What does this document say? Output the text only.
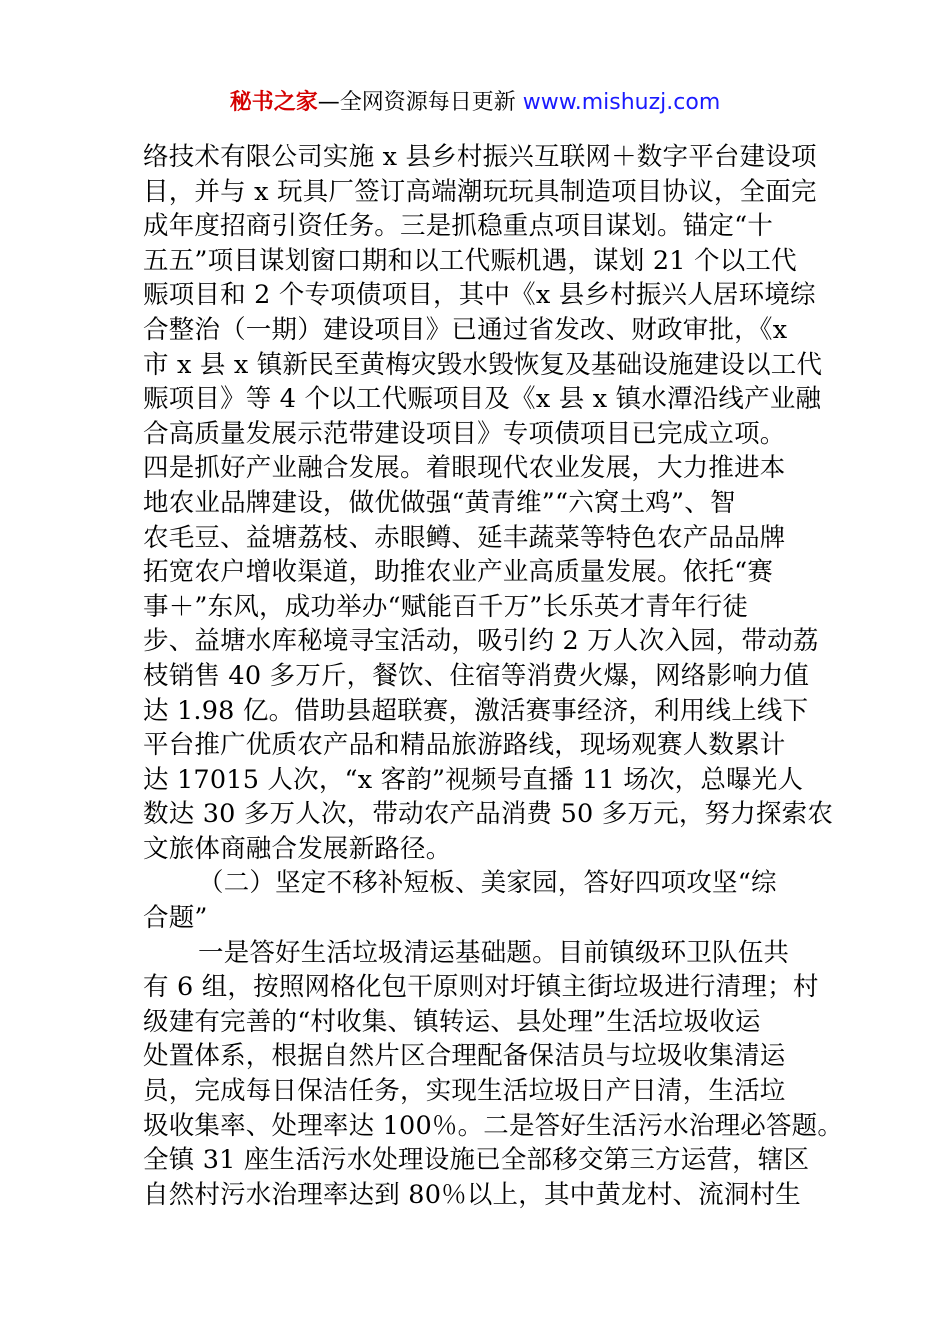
秘书之家—全网资源每日更新 www.mishuzj.com
络技术有限公司实施 x 县乡村振兴互联网＋数字平台建设项
目，并与 x 玩具厂签订高端潮玩玩具制造项目协议，全面完
成年度招商引资任务。三是抓稳重点项目谋划。锚定“十
五五”项目谋划窗口期和以工代赈机遇，谋划 21 个以工代
赈项目和 2 个专项债项目，其中《x 县乡村振兴人居环境综
合整治（一期）建设项目》已通过省发改、财政审批，《x
市 x 县 x 镇新民至黄梅灾毁水毁恢复及基础设施建设以工代
赈项目》等 4 个以工代赈项目及《x 县 x 镇水潭沿线产业融
合高质量发展示范带建设项目》专项债项目已完成立项。
四是抓好产业融合发展。着眼现代农业发展，大力推进本
地农业品牌建设，做优做强“黄青维”“六窝土鸡”、智
农毛豆、益塘荔枝、赤眼鳟、延丰蔬菜等特色农产品品牌
拓宽农户增收渠道，助推农业产业高质量发展。依托“赛
事＋”东风，成功举办“赋能百千万”长乐英才青年行徒
步、益塘水库秘境寻宝活动，吸引约 2 万人次入园，带动荔
枝销售 40 多万斤，餐饮、住宿等消费火爆，网络影响力值
达 1.98 亿。借助县超联赛，激活赛事经济，利用线上线下
平台推广优质农产品和精品旅游路线，现场观赛人数累计
达 17015 人次，“x 客韵”视频号直播 11 场次，总曝光人
数达 30 多万人次，带动农产品消费 50 多万元，努力探索农
文旅体商融合发展新路径。
（二）坚定不移补短板、美家园，答好四项攻坚“综
合题”
一是答好生活垃圾清运基础题。目前镇级环卫队伍共
有 6 组，按照网格化包干原则对圩镇主街垃圾进行清理；村
级建有完善的“村收集、镇转运、县处理”生活垃圾收运
处置体系，根据自然片区合理配备保洁员与垃圾收集清运
员，完成每日保洁任务，实现生活垃圾日产日清，生活垃
圾收集率、处理率达 100％。二是答好生活污水治理必答题。
全镇 31 座生活污水处理设施已全部移交第三方运营，辖区
自然村污水治理率达到 80％以上，其中黄龙村、流洞村生
